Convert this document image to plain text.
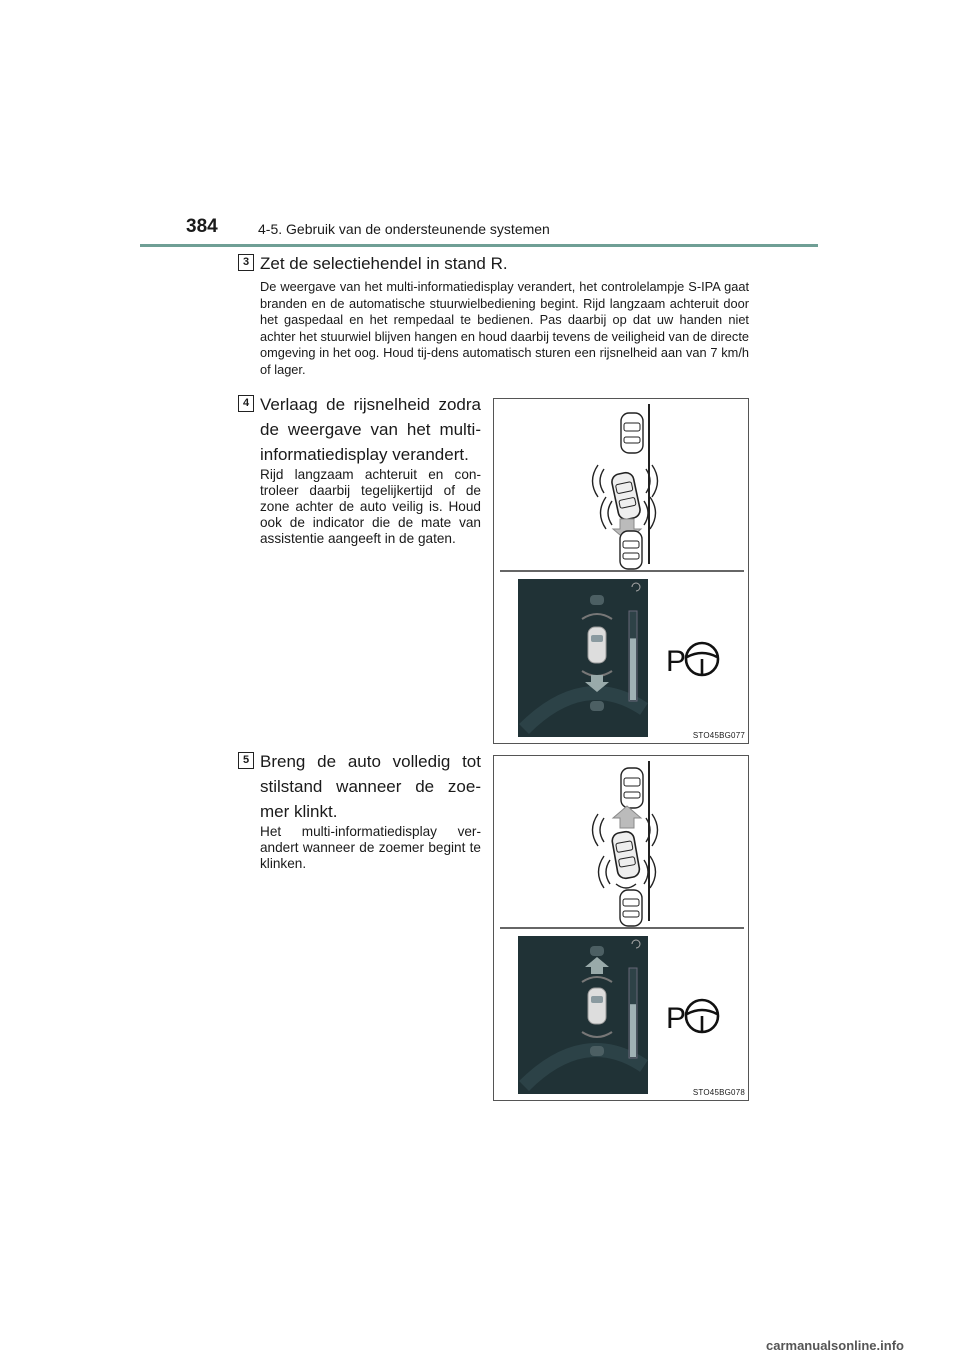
384	4-5. Gebruik van de ondersteunende systemen
3 Zet de selectiehendel in stand R.
De weergave van het multi-informatiedisplay verandert, het controlelampje S-IPA gaat branden en de automatische stuurwielbediening begint. Rijd langzaam achteruit door het gaspedaal en het rempedaal te bedienen. Pas daarbij op dat uw handen niet achter het stuurwiel blijven hangen en houd daarbij tevens de veiligheid van de directe omgeving in het oog. Houd tij-dens automatisch sturen een rijsnelheid aan van 7 km/h of lager.
4 Verlaag de rijsnelheid zodra de weergave van het multi-informatiedisplay verandert.
Rijd langzaam achteruit en con-troleer daarbij tegelijkertijd of de zone achter de auto veilig is. Houd ook de indicator die de mate van assistentie aangeeft in de gaten.
5 Breng de auto volledig tot stilstand wanneer de zoe-mer klinkt.
Het multi-informatiedisplay ver-andert wanneer de zoemer begint te klinken.
P
STO45BG077
P
STO45BG078
carmanualsonline.info
